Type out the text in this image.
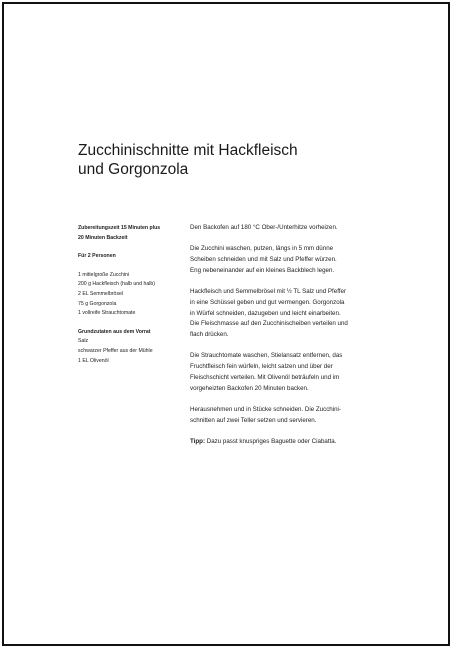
Zucchinischnitte mit Hackfleisch
und Gorgonzola
Zubereitungszeit 15 Minuten plus
20 Minuten Backzeit
Für 2 Personen
1 mittelgroße Zucchini
200 g Hackfleisch (halb und halb)
2 EL Semmelbrösel
75 g Gorgonzola
1 vollreife Strauchtomate
Grundzutaten aus dem Vorrat
Salz
schwarzer Pfeffer aus der Mühle
1 EL Olivenöl

Den Backofen auf 180 °C Ober-/Unterhitze vorheizen.

Die Zucchini waschen, putzen, längs in 5 mm dünne
Scheiben schneiden und mit Salz und Pfeffer würzen.
Eng nebeneinander auf ein kleines Backblech legen.

Hackfleisch und Semmelbrösel mit ½ TL Salz und Pfeffer
in eine Schüssel geben und gut vermengen. Gorgonzola
in Würfel schneiden, dazugeben und leicht einarbeiten.
Die Fleischmasse auf den Zucchinischeiben verteilen und
flach drücken.

Die Strauchtomate waschen, Stielansatz entfernen, das
Fruchtfleisch fein würfeln, leicht salzen und über der
Fleischschicht verteilen. Mit Olivenöl beträufeln und im
vorgeheizten Backofen 20 Minuten backen.

Herausnehmen und in Stücke schneiden. Die Zucchini-
schnitten auf zwei Teller setzen und servieren.

Tipp: Dazu passt knuspriges Baguette oder Ciabatta.
